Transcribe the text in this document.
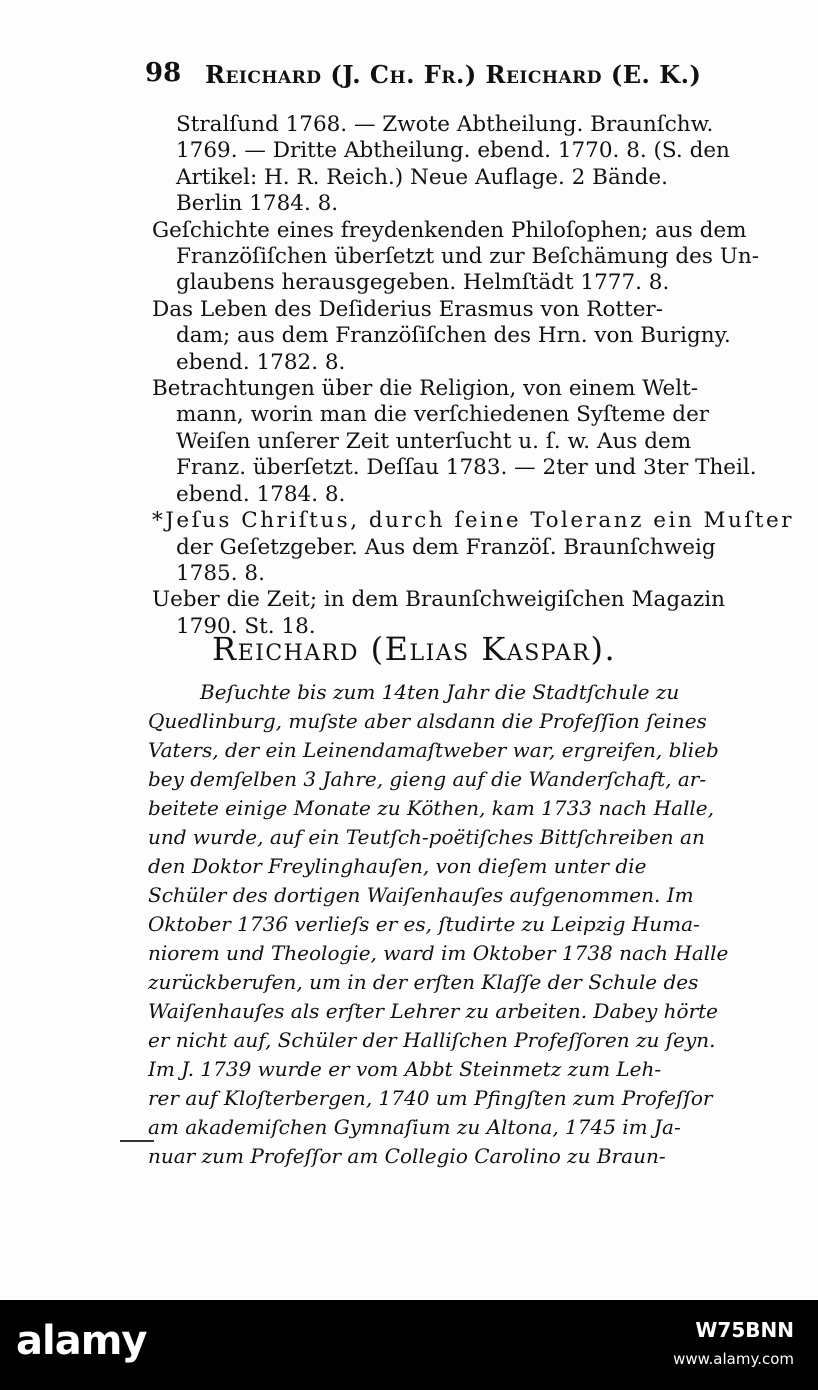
98 Reichard (J. Ch. Fr.) Reichard (E. K.)
Stralſund 1768. — Zwote Abtheilung. Braunſchw.
1769. — Dritte Abtheilung. ebend. 1770. 8. (S. den
Artikel: H. R. Reich.) Neue Auflage. 2 Bände.
Berlin 1784. 8.
Geſchichte eines freydenkenden Philoſophen; aus dem
Franzöſiſchen überſetzt und zur Beſchämung des Un-
glaubens herausgegeben. Helmſtädt 1777. 8.
Das Leben des Deſiderius Erasmus von Rotter-
dam; aus dem Franzöſiſchen des Hrn. von Burigny.
ebend. 1782. 8.
Betrachtungen über die Religion, von einem Welt-
mann, worin man die verſchiedenen Syſteme der
Weiſen unſerer Zeit unterſucht u. ſ. w. Aus dem
Franz. überſetzt. Deſſau 1783. — 2ter und 3ter Theil.
ebend. 1784. 8.
*Jeſus Chriſtus, durch ſeine Toleranz ein Muſter
der Geſetzgeber. Aus dem Franzöſ. Braunſchweig
1785. 8.
Ueber die Zeit; in dem Braunſchweigiſchen Magazin
1790. St. 18.
Reichard (Elias Kaspar).
Beſuchte bis zum 14ten Jahr die Stadtſchule zu
Quedlinburg, muſste aber alsdann die Profeſſion ſeines
Vaters, der ein Leinendamaſtweber war, ergreifen, blieb
bey demſelben 3 Jahre, gieng auf die Wanderſchaft, ar-
beitete einige Monate zu Köthen, kam 1733 nach Halle,
und wurde, auf ein Teutſch-poëtiſches Bittſchreiben an
den Doktor Freylinghauſen, von dieſem unter die
Schüler des dortigen Waiſenhauſes aufgenommen. Im
Oktober 1736 verlieſs er es, ſtudirte zu Leipzig Huma-
niorem und Theologie, ward im Oktober 1738 nach Halle
zurückberufen, um in der erſten Klaſſe der Schule des
Waiſenhauſes als erſter Lehrer zu arbeiten. Dabey hörte
er nicht auf, Schüler der Halliſchen Profeſſoren zu ſeyn.
Im J. 1739 wurde er vom Abbt Steinmetz zum Leh-
rer auf Kloſterbergen, 1740 um Pfingſten zum Profeſſor
am akademiſchen Gymnaſium zu Altona, 1745 im Ja-
nuar zum Profeſſor am Collegio Carolino zu Braun-
alamy	W75BNN
www.alamy.com
